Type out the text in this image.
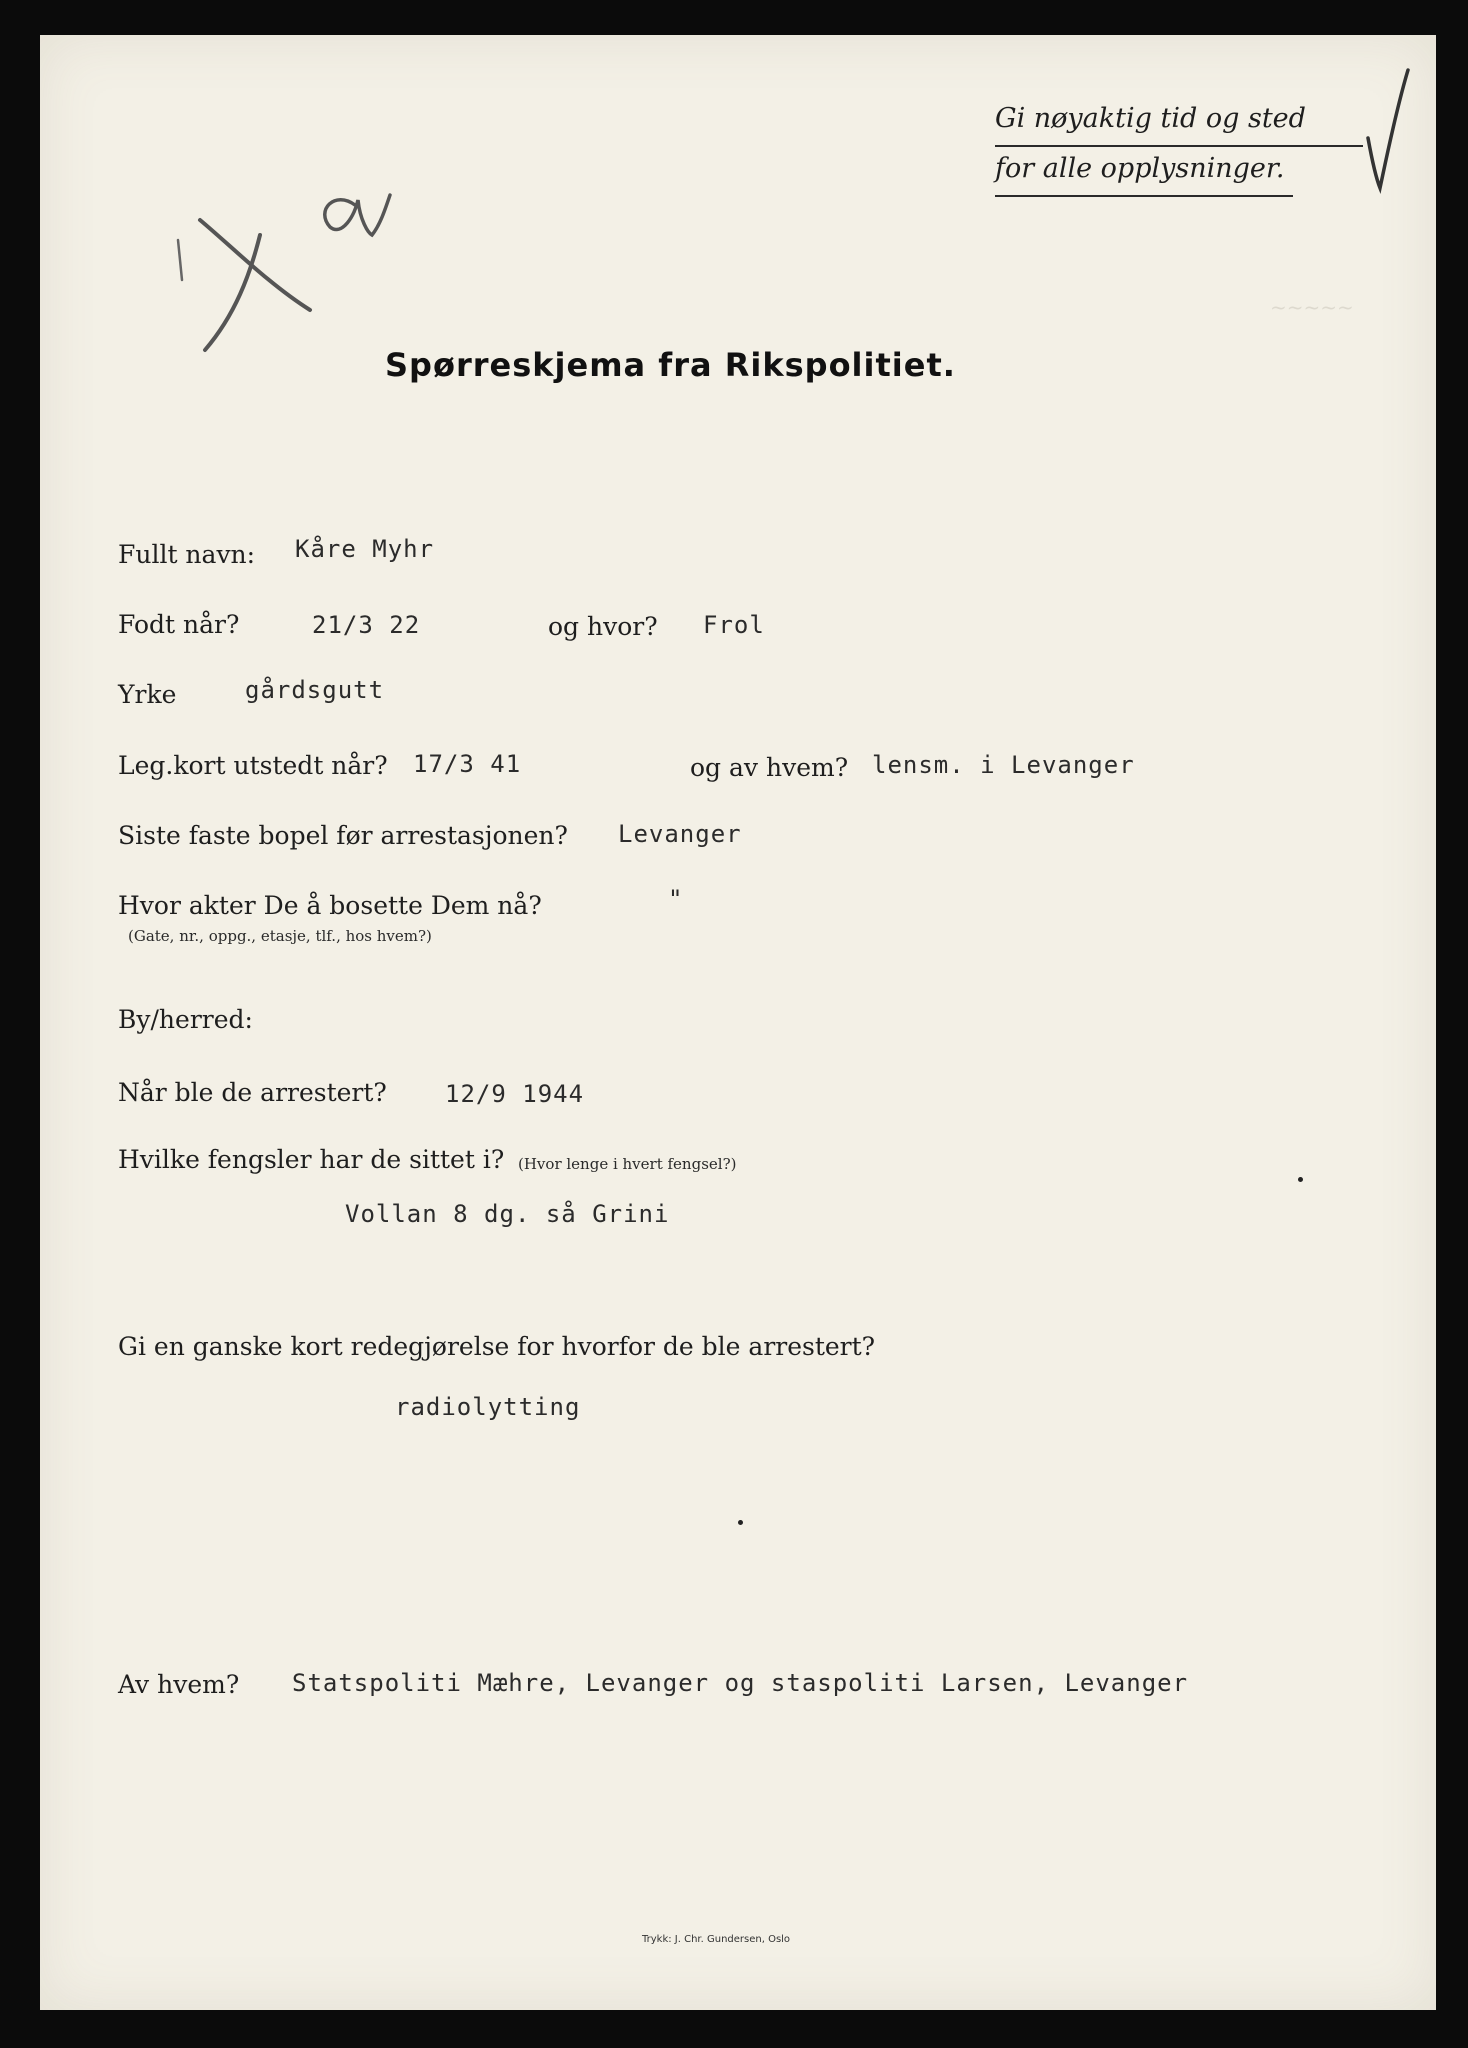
~~~~~
Gi nøyaktig tid og sted
for alle opplysninger.
Spørreskjema fra Rikspolitiet.
Fullt navn: Kåre Myhr
Fodt når?	21/3 22	og hvor? Frol
Yrke	gårdsgutt
Leg.kort utstedt når? 17/3 41	og av hvem? lensm. i Levanger
Siste faste bopel før arrestasjonen? Levanger
Hvor akter De å bosette Dem nå?	"
(Gate, nr., oppg., etasje, tlf., hos hvem?)
By/herred:
Når ble de arrestert? 12/9 1944
Hvilke fengsler har de sittet i? (Hvor lenge i hvert fengsel?)
Vollan 8 dg. så Grini
Gi en ganske kort redegjørelse for hvorfor de ble arrestert?
radiolytting
Av hvem? Statspoliti Mæhre, Levanger og staspoliti Larsen, Levanger
Trykk: J. Chr. Gundersen, Oslo
